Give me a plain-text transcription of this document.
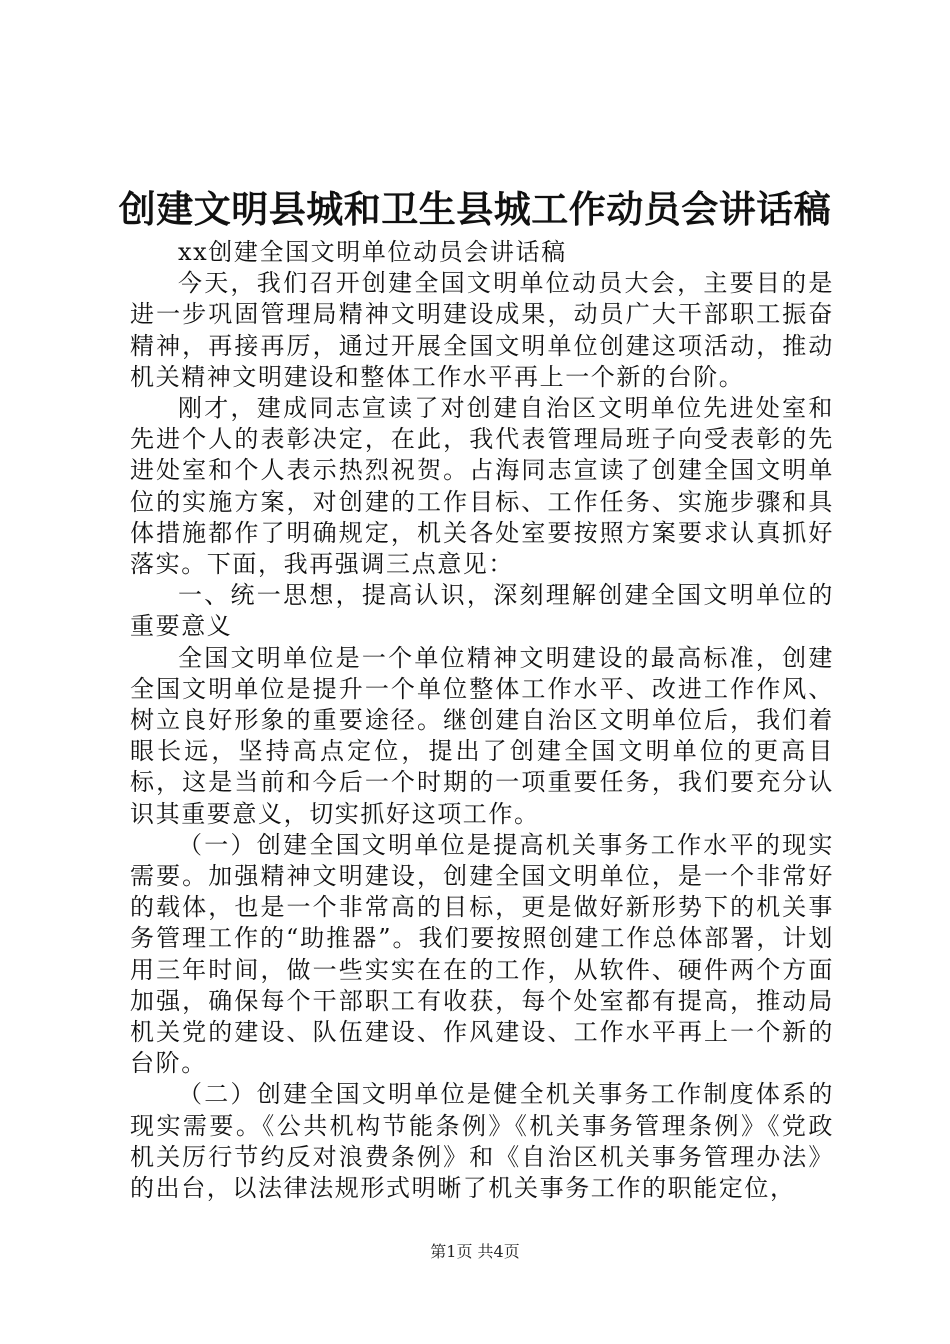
创建文明县城和卫生县城工作动员会讲话稿

xx创建全国文明单位动员会讲话稿

今天，我们召开创建全国文明单位动员大会，主要目的是进一步巩固管理局精神文明建设成果，动员广大干部职工振奋精神，再接再厉，通过开展全国文明单位创建这项活动，推动机关精神文明建设和整体工作水平再上一个新的台阶。

刚才，建成同志宣读了对创建自治区文明单位先进处室和先进个人的表彰决定，在此，我代表管理局班子向受表彰的先进处室和个人表示热烈祝贺。占海同志宣读了创建全国文明单位的实施方案，对创建的工作目标、工作任务、实施步骤和具体措施都作了明确规定，机关各处室要按照方案要求认真抓好落实。下面，我再强调三点意见：

一、统一思想，提高认识，深刻理解创建全国文明单位的重要意义

全国文明单位是一个单位精神文明建设的最高标准，创建全国文明单位是提升一个单位整体工作水平、改进工作作风、树立良好形象的重要途径。继创建自治区文明单位后，我们着眼长远，坚持高点定位，提出了创建全国文明单位的更高目标，这是当前和今后一个时期的一项重要任务，我们要充分认识其重要意义，切实抓好这项工作。

（一）创建全国文明单位是提高机关事务工作水平的现实需要。加强精神文明建设，创建全国文明单位，是一个非常好的载体，也是一个非常高的目标，更是做好新形势下的机关事务管理工作的“助推器”。我们要按照创建工作总体部署，计划用三年时间，做一些实实在在的工作，从软件、硬件两个方面加强，确保每个干部职工有收获，每个处室都有提高，推动局机关党的建设、队伍建设、作风建设、工作水平再上一个新的台阶。

（二）创建全国文明单位是健全机关事务工作制度体系的现实需要。《公共机构节能条例》《机关事务管理条例》《党政机关厉行节约反对浪费条例》和《自治区机关事务管理办法》的出台，以法律法规形式明晰了机关事务工作的职能定位，

第1页 共4页
